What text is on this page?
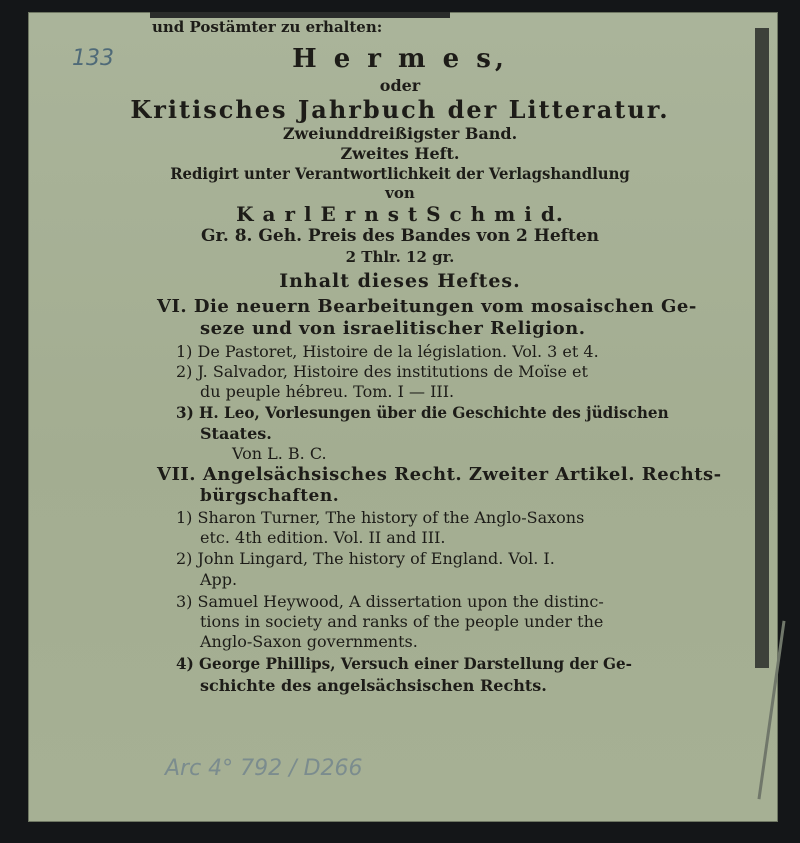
133
und Postämter zu erhalten:
H e r m e s,
oder
Kritisches Jahrbuch der Litteratur.
Zweiunddreißigster Band.
Zweites Heft.
Redigirt unter Verantwortlichkeit der Verlagshandlung
von
K a r l E r n s t S c h m i d.
Gr. 8. Geh. Preis des Bandes von 2 Heften
2 Thlr. 12 gr.
Inhalt dieses Heftes.
VI. Die neuern Bearbeitungen vom mosaischen Ge-
seze und von israelitischer Religion.
1) De Pastoret, Histoire de la législation. Vol. 3 et 4.
2) J. Salvador, Histoire des institutions de Moïse et
du peuple hébreu. Tom. I — III.
3) H. Leo, Vorlesungen über die Geschichte des jüdischen
Staates.
Von L. B. C.
VII. Angelsächsisches Recht. Zweiter Artikel. Rechts-
bürgschaften.
1) Sharon Turner, The history of the Anglo-Saxons
etc. 4th edition. Vol. II and III.
2) John Lingard, The history of England. Vol. I.
App.
3) Samuel Heywood, A dissertation upon the distinc-
tions in society and ranks of the people under the
Anglo-Saxon governments.
4) George Phillips, Versuch einer Darstellung der Ge-
schichte des angelsächsischen Rechts.
Arc 4° 792 / D266
